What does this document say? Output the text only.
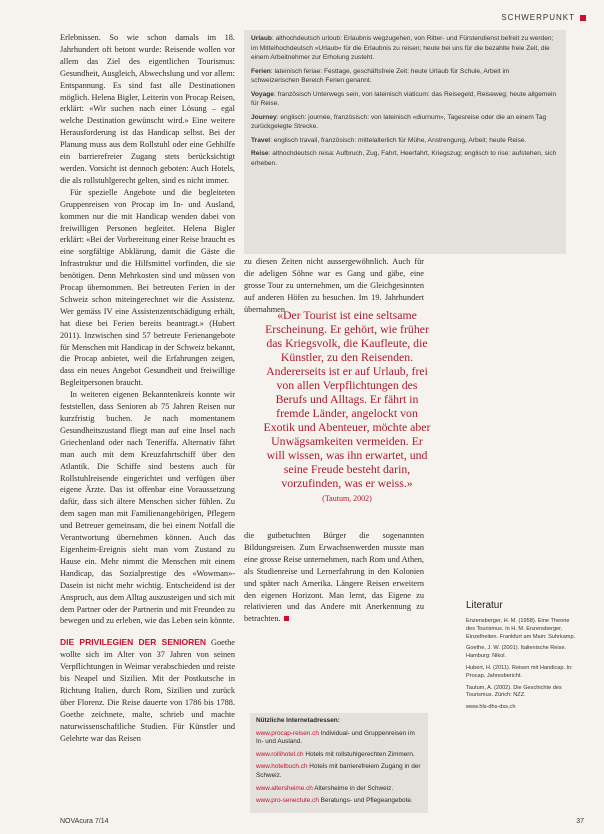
SCHWERPUNKT

Erlebnissen. So wie schon damals im 18. Jahrhundert oft betont wurde: Reisende wollen vor allem das Ziel des eigentlichen Tourismus: Gesundheit, Ausgleich, Abwechslung und vor allem: Entspannung. Es sind fast alle Destinationen möglich. Helena Bigler, Leiterin von Procap Reisen, erklärt: «Wir suchen nach einer Lösung – egal welche Destination gewünscht wird.» Eine weitere Herausforderung ist das Handicap selbst. Bei der Planung muss aus dem Rollstuhl oder eine Gehhilfe ein barrierefreier Zugang stets berücksichtigt werden. Vorsicht ist dennoch geboten: Auch Hotels, die als rollstuhlgerecht gelten, sind es nicht immer.

Für spezielle Angebote und die begleiteten Gruppenreisen von Procap im In- und Ausland, kommen nur die mit Handicap wenden dabei von freiwilligen Personen begleitet. Helena Bigler erklärt: «Bei der Vorbereitung einer Reise braucht es eine sorgfältige Abklärung, damit die Gäste die Infrastruktur und die Hilfsmittel vorfinden, die sie benötigen. Denn Mehrkosten sind und müssen von Procap übernommen. Bei betreuten Ferien in der Schweiz schon miteingerechnet wir die Assistenz. Wer gemäss IV eine Assistenzentschädigung erhält, hat diese bei Ferien bereits beantragt.» (Hubert 2011). Inzwischen sind 57 betreute Ferienangebote für Menschen mit Handicap in der Schweiz bekannt, die Procap anbietet, weil die Erfahrungen zeigen, dass ein neues Angebot Gesundheit und freiwillige Begleitpersonen braucht.

In weiteren eigenen Bekanntenkreis konnte wir feststellen, dass Senioren ab 75 Jahren Reisen nur kurzfristig buchen. Je nach momentanem Gesundheitszustand fliegt man auf eine Insel nach Griechenland oder nach Teneriffa. Alternativ fährt man auch mit dem Kreuzfahrtschiff über den Atlantik. Die Schiffe sind bestens auch für Rollstuhlreisende eingerichtet und verfügen über eigene Ärzte. Das ist offenbar eine Voraussetzung dafür, dass sich ältere Menschen sicher fühlen. Zu dem sagen man mit Familienangehörigen, Pflegern und Betreuer gemeinsam, die bei einem Notfall die Verantwortung übernehmen können. Auch das Eigenheim-Ereignis sieht man vom Zustand zu Hause ein. Mehr nimmt die Menschen mit einem Handicap, das Sozialprestige des «Wowman»-Dasein ist nicht mehr wichtig. Entscheidend ist der Anspruch, aus dem Alltag auszusteigen und sich mit dem Partner oder der Partnerin und mit Freunden zu bewegen und zu erleben, wie das Leben sein könnte.

DIE PRIVILEGIEN DER SENIOREN Goethe wollte sich im Alter von 37 Jahren von seinen Verpflichtungen in Weimar verabschieden und reiste bis Neapel und Sizilien. Mit der Postkutsche in Richtung Italien, durch Rom, Sizilien und zurück über Florenz. Die Reise dauerte von 1786 bis 1788. Goethe zeichnete, malte, schrieb und machte naturwissenschaftliche Studien. Für Künstler und Gelehrte war das Reisen

Urlaub: althochdeutsch urloub: Erlaubnis wegzugehen, von Ritter- und Fürstendienst befreit zu werden; im Mittelhochdeutsch »Urlaub« für die Erlaubnis zu reisen; heute bei uns für die bezahlte freie Zeit, die einem Arbeitnehmer zur Erholung zusteht.
Ferien: lateinisch feriae: Festtage, geschäftsfreie Zeit; heute Urlaub für Schule, Arbeit im schweizerischen Bereich Ferien genannt.
Voyage: französisch Unterwegs sein, von lateinisch viaticum: das Reisegeld, Reiseweg; heute allgemein für Reise.
Journey: englisch: journée, französisch: von lateinisch «diurnum», Tagesreise oder die an einem Tag zurückgelegte Strecke.
Travel: englisch travail, französisch: mittelalterlich für Mühe, Anstrengung, Arbeit; heute Reise.
Reise: althochdeutsch reisa: Aufbruch, Zug, Fahrt, Heerfahrt, Kriegszug; englisch to rise: aufstehen, sich erheben.

zu diesen Zeiten nicht aussergewöhnlich. Auch für die adeligen Söhne war es Gang und gäbe, eine grosse Tour zu unternehmen, um die Gleichgesinnten auf anderen Höfen zu besuchen. Im 19. Jahrhundert übernahmen

«Der Tourist ist eine seltsame Erscheinung. Er gehört, wie früher das Kriegsvolk, die Kaufleute, die Künstler, zu den Reisenden. Andererseits ist er auf Urlaub, frei von allen Verpflichtungen des Berufs und Alltags. Er fährt in fremde Länder, angelockt von Exotik und Abenteuer, möchte aber Unwägsamkeiten vermeiden. Er will wissen, was ihn erwartet, und seine Freude besteht darin, vorzufinden, was er weiss.»
(Tautum, 2002)

die gutbetuchten Bürger die sogenannten Bildungsreisen. Zum Erwachsenwerden musste man eine grosse Reise unternehmen, nach Rom und Athen, als Studienreise und Lernerfahrung in den Kolonien und später nach Amerika. Längere Reisen erweitern den eigenen Horizont. Man lernt, das Eigene zu relativieren und das Andere mit Anerkennung zu betrachten.

Nützliche Internetadressen:
www.procap-reisen.ch Individual- und Gruppenreisen im In- und Ausland.
www.rollihotel.ch Hotels mit rollstuhlgerechten Zimmern.
www.hotelbuch.ch Hotels mit barrierefreiem Zugang in der Schweiz.
www.altersheime.ch Altersheime in der Schweiz.
www.pro-senectute.ch Beratungs- und Pflegeangebote.
Literatur
Enzensberger, H. M. (1958). Eine Theorie des Tourismus. In H. M. Enzensberger, Einzelheiten. Frankfurt am Main: Suhrkamp.
Goethe, J. W. (2001). Italienische Reise. Hamburg: Nikol.
Hubert, H. (2011). Reisen mit Handicap. In: Procap, Jahresbericht.
Tautum, A. (2002). Die Geschichte des Tourismus. Zürich: NZZ.
www.hls-dhs-dss.ch
NOVAcura 7/14	37
